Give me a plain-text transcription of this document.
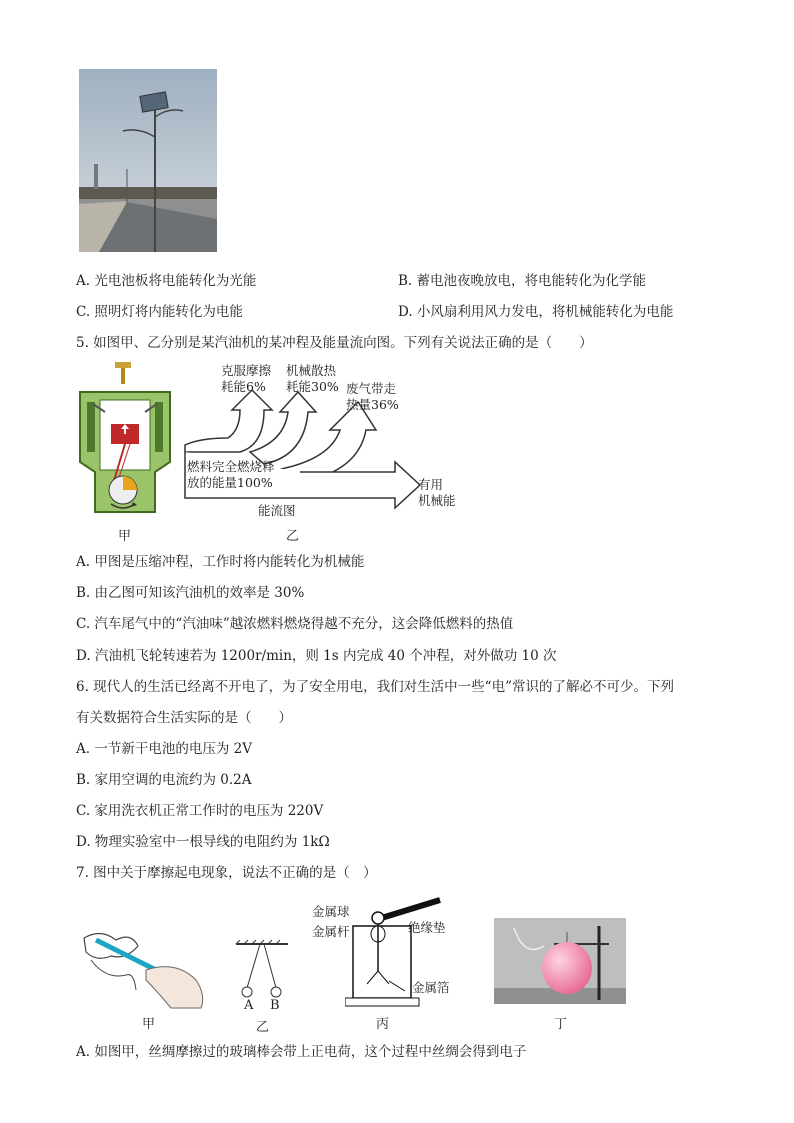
A. 光电池板将电能转化为光能	B. 蓄电池夜晚放电，将电能转化为化学能
C. 照明灯将内能转化为电能	D. 小风扇利用风力发电，将机械能转化为电能
5. 如图甲、乙分别是某汽油机的某冲程及能量流向图。下列有关说法正确的是（　　）
甲
克服摩擦
耗能6%
机械散热
耗能30% 废气带走
热量36%
燃料完全燃烧释
放的能量100%	有用
机械能
能流图
乙
A. 甲图是压缩冲程，工作时将内能转化为机械能
B. 由乙图可知该汽油机的效率是 30%
C. 汽车尾气中的“汽油味”越浓燃料燃烧得越不充分，这会降低燃料的热值
D. 汽油机飞轮转速若为 1200r/min，则 1s 内完成 40 个冲程，对外做功 10 次
6. 现代人的生活已经离不开电了，为了安全用电，我们对生活中一些“电”常识的了解必不可少。下列
有关数据符合生活实际的是（　　）
A. 一节新干电池的电压为 2V
B. 家用空调的电流约为 0.2A
C. 家用洗衣机正常工作时的电压为 220V
D. 物理实验室中一根导线的电阻约为 1kΩ
7. 图中关于摩擦起电现象，说法不正确的是（　）
甲
A B
乙
金属球
金属杆	绝缘垫
金属箔
丙	丁
A. 如图甲，丝绸摩擦过的玻璃棒会带上正电荷，这个过程中丝绸会得到电子
